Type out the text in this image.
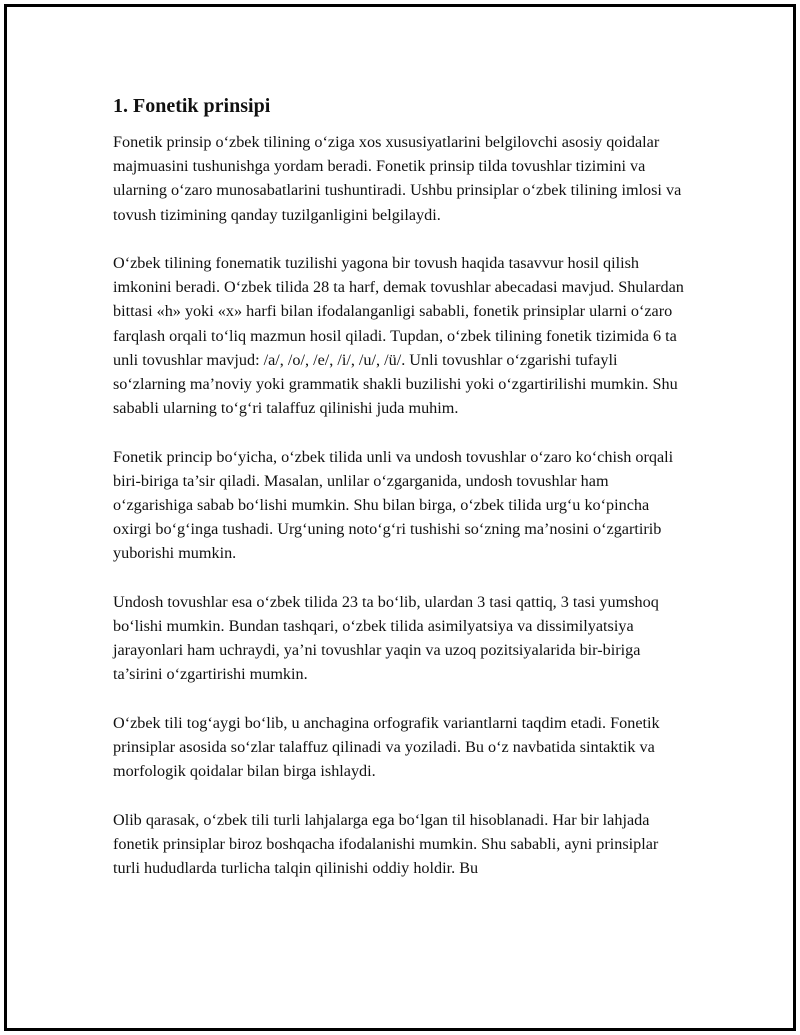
1. Fonetik prinsipi

Fonetik prinsip o‘zbek tilining o‘ziga xos xususiyatlarini belgilovchi asosiy qoidalar majmuasini tushunishga yordam beradi. Fonetik prinsip tilda tovushlar tizimini va ularning o‘zaro munosabatlarini tushuntiradi. Ushbu prinsiplar o‘zbek tilining imlosi va tovush tizimining qanday tuzilganligini belgilaydi.

O‘zbek tilining fonematik tuzilishi yagona bir tovush haqida tasavvur hosil qilish imkonini beradi. O‘zbek tilida 28 ta harf, demak tovushlar abecadasi mavjud. Shulardan bittasi «h» yoki «x» harfi bilan ifodalanganligi sababli, fonetik prinsiplar ularni o‘zaro farqlash orqali to‘liq mazmun hosil qiladi. Tupdan, o‘zbek tilining fonetik tizimida 6 ta unli tovushlar mavjud: /a/, /o/, /e/, /i/, /u/, /ü/. Unli tovushlar o‘zgarishi tufayli so‘zlarning ma’noviy yoki grammatik shakli buzilishi yoki o‘zgartirilishi mumkin. Shu sababli ularning to‘g‘ri talaffuz qilinishi juda muhim.

Fonetik princip bo‘yicha, o‘zbek tilida unli va undosh tovushlar o‘zaro ko‘chish orqali biri-biriga ta’sir qiladi. Masalan, unlilar o‘zgarganida, undosh tovushlar ham o‘zgarishiga sabab bo‘lishi mumkin. Shu bilan birga, o‘zbek tilida urg‘u ko‘pincha oxirgi bo‘g‘inga tushadi. Urg‘uning noto‘g‘ri tushishi so‘zning ma’nosini o‘zgartirib yuborishi mumkin.

Undosh tovushlar esa o‘zbek tilida 23 ta bo‘lib, ulardan 3 tasi qattiq, 3 tasi yumshoq bo‘lishi mumkin. Bundan tashqari, o‘zbek tilida asimilyatsiya va dissimilyatsiya jarayonlari ham uchraydi, ya’ni tovushlar yaqin va uzoq pozitsiyalarida bir-biriga ta’sirini o‘zgartirishi mumkin.

O‘zbek tili tog‘aygi bo‘lib, u anchagina orfografik variantlarni taqdim etadi. Fonetik prinsiplar asosida so‘zlar talaffuz qilinadi va yoziladi. Bu o‘z navbatida sintaktik va morfologik qoidalar bilan birga ishlaydi.

Olib qarasak, o‘zbek tili turli lahjalarga ega bo‘lgan til hisoblanadi. Har bir lahjada fonetik prinsiplar biroz boshqacha ifodalanishi mumkin. Shu sababli, ayni prinsiplar turli hududlarda turlicha talqin qilinishi oddiy holdir. Bu
